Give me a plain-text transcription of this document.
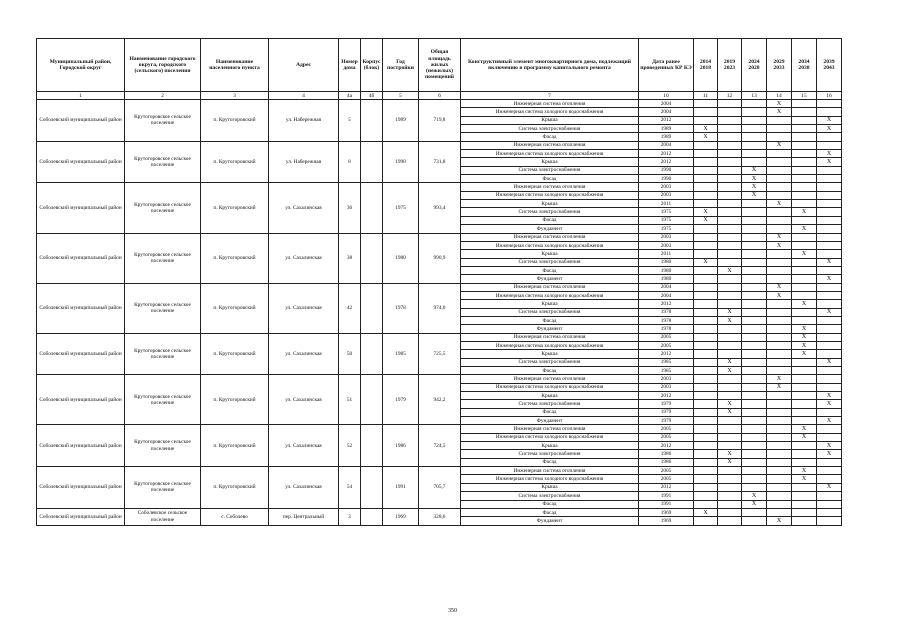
Муниципальный район, Городской округ	Наименование городского округа, городского (сельского) поселения	Наименование населенного пункта	Адрес	Номер дома	Корпус (блок)	Год постройки	Общая площадь жилых (нежилых) помещений	Конструктивный элемент многоквартирного дома, подлежащий включению в программу капитального ремонта	Дата ранее проведенных КР КЭ	2014 2018	2019 2023	2024 2028	2029 2033	2034 2038	2039 2043
1	2	3	4	4а	4б	5	6	7	10	11	12	13	14	15	16
Соболевский муниципальный район	Крутогоровское сельское поселение	п. Крутогоровский	ул. Набережная	5		1989	719,8	Инженерная система отопления	2004				X		
								Инженерная система холодного водоснабжения	2004				X		
								Крыша	2012						X
								Система электроснабжения	1989	X					X
								Фасад	1989	X					
Соболевский муниципальный район	Крутогоровское сельское поселение	п. Крутогоровский	ул. Набережная	8		1990	731,8	Инженерная система отопления	2004				X		
								Инженерная система холодного водоснабжения	2012						X
								Крыша	2012						X
								Система электроснабжения	1990			X			
								Фасад	1990			X			
Соболевский муниципальный район	Крутогоровское сельское поселение	п. Крутогоровский	ул. Сахалинская	36		1975	993,4	Инженерная система отопления	2003			X			
								Инженерная система холодного водоснабжения	2003			X			
								Крыша	2011				X		
								Система электроснабжения	1975	X				X	
								Фасад	1975	X					
								Фундамент	1975					X	
Соболевский муниципальный район	Крутогоровское сельское поселение	п. Крутогоровский	ул. Сахалинская	38		1980	990,9	Инженерная система отопления	2003				X		
								Инженерная система холодного водоснабжения	2003				X		
								Крыша	2011					X	
								Система электроснабжения	1980	X					X
								Фасад	1980		X				
								Фундамент	1980						X
Соболевский муниципальный район	Крутогоровское сельское поселение	п. Крутогоровский	ул. Сахалинская	42		1978	974,0	Инженерная система отопления	2004				X		
								Инженерная система холодного водоснабжения	2004				X		
								Крыша	2012					X	
								Система электроснабжения	1978		X				X
								Фасад	1978		X				
								Фундамент	1978					X	
Соболевский муниципальный район	Крутогоровское сельское поселение	п. Крутогоровский	ул. Сахалинская	50		1985	725,5	Инженерная система отопления	2005					X	
								Инженерная система холодного водоснабжения	2005					X	
								Крыша	2012					X	
								Система электроснабжения	1985		X				X
								Фасад	1985		X				
Соболевский муниципальный район	Крутогоровское сельское поселение	п. Крутогоровский	ул. Сахалинская	51		1979	942,2	Инженерная система отопления	2003				X		
								Инженерная система холодного водоснабжения	2003				X		
								Крыша	2012						X
								Система электроснабжения	1979		X				X
								Фасад	1979		X				
								Фундамент	1979						X
Соболевский муниципальный район	Крутогоровское сельское поселение	п. Крутогоровский	ул. Сахалинская	52		1986	724,5	Инженерная система отопления	2005					X	
								Инженерная система холодного водоснабжения	2005					X	
								Крыша	2012						X
								Система электроснабжения	1986		X				X
								Фасад	1986		X				
Соболевский муниципальный район	Крутогоровское сельское поселение	п. Крутогоровский	ул. Сахалинская	54		1991	705,7	Инженерная система отопления	2005					X	
								Инженерная система холодного водоснабжения	2005					X	
								Крыша	2012						X
								Система электроснабжения	1991			X			
								Фасад	1991			X			
Соболевский муниципальный район	Соболевское сельское поселение	с. Соболево	пер. Центральный	3		1969	328,6	Фасад	1969	X					
								Фундамент	1969				X		
350
